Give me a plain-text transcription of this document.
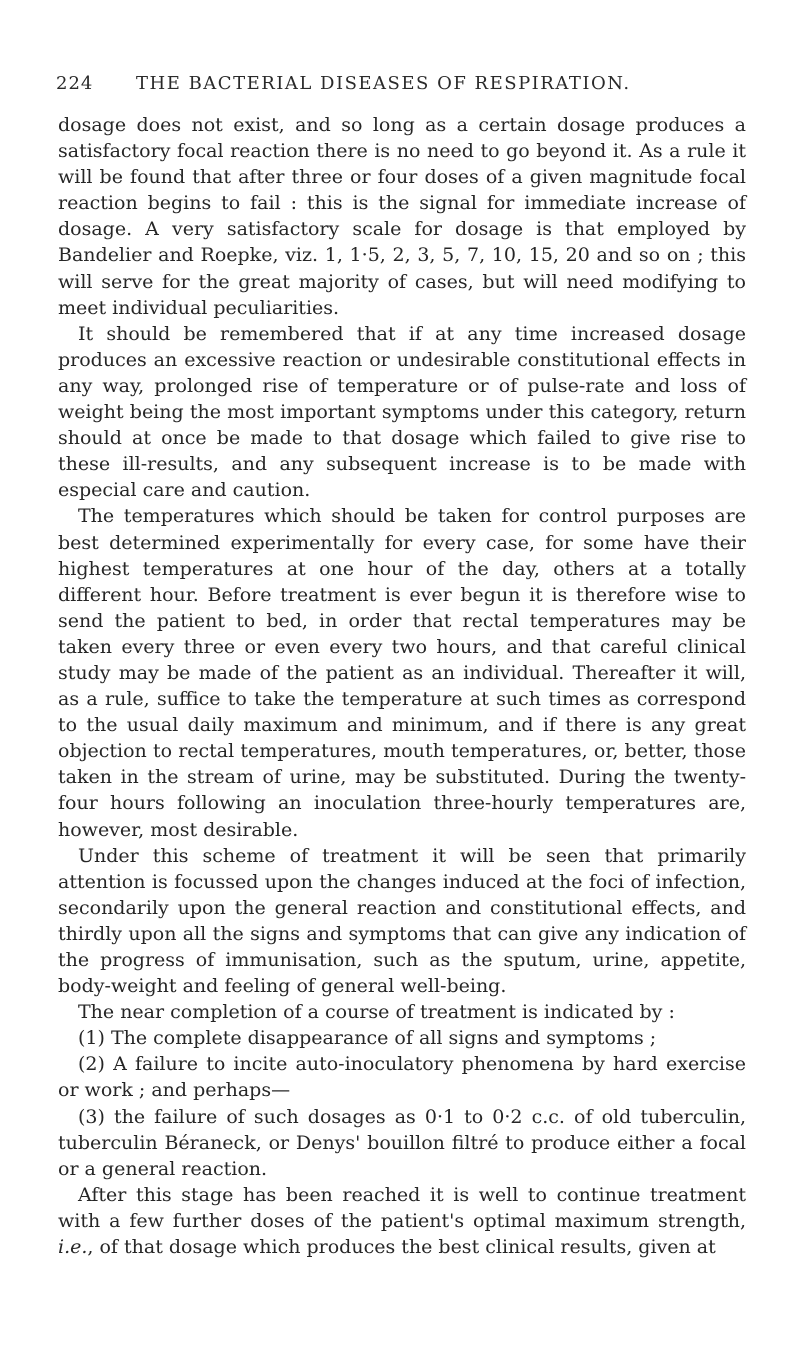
224 THE BACTERIAL DISEASES OF RESPIRATION.

dosage does not exist, and so long as a certain dosage produces a satisfactory focal reaction there is no need to go beyond it. As a rule it will be found that after three or four doses of a given magnitude focal reaction begins to fail : this is the signal for immediate increase of dosage. A very satisfactory scale for dosage is that employed by Bandelier and Roepke, viz. 1, 1·5, 2, 3, 5, 7, 10, 15, 20 and so on ; this will serve for the great majority of cases, but will need modifying to meet individual peculiarities.

It should be remembered that if at any time increased dosage produces an excessive reaction or undesirable constitutional effects in any way, prolonged rise of temperature or of pulse-rate and loss of weight being the most important symptoms under this category, return should at once be made to that dosage which failed to give rise to these ill-results, and any subsequent increase is to be made with especial care and caution.

The temperatures which should be taken for control purposes are best determined experimentally for every case, for some have their highest temperatures at one hour of the day, others at a totally different hour. Before treatment is ever begun it is therefore wise to send the patient to bed, in order that rectal temperatures may be taken every three or even every two hours, and that careful clinical study may be made of the patient as an individual. Thereafter it will, as a rule, suffice to take the temperature at such times as correspond to the usual daily maximum and minimum, and if there is any great objection to rectal temperatures, mouth temperatures, or, better, those taken in the stream of urine, may be substituted. During the twenty-four hours following an inoculation three-hourly temperatures are, however, most desirable.

Under this scheme of treatment it will be seen that primarily attention is focussed upon the changes induced at the foci of infection, secondarily upon the general reaction and constitutional effects, and thirdly upon all the signs and symptoms that can give any indication of the progress of immunisation, such as the sputum, urine, appetite, body-weight and feeling of general well-being.

The near completion of a course of treatment is indicated by :

(1) The complete disappearance of all signs and symptoms ;

(2) A failure to incite auto-inoculatory phenomena by hard exercise or work ; and perhaps—

(3) the failure of such dosages as 0·1 to 0·2 c.c. of old tuberculin, tuberculin Béraneck, or Denys' bouillon filtré to produce either a focal or a general reaction.

After this stage has been reached it is well to continue treatment with a few further doses of the patient's optimal maximum strength, i.e., of that dosage which produces the best clinical results, given at
